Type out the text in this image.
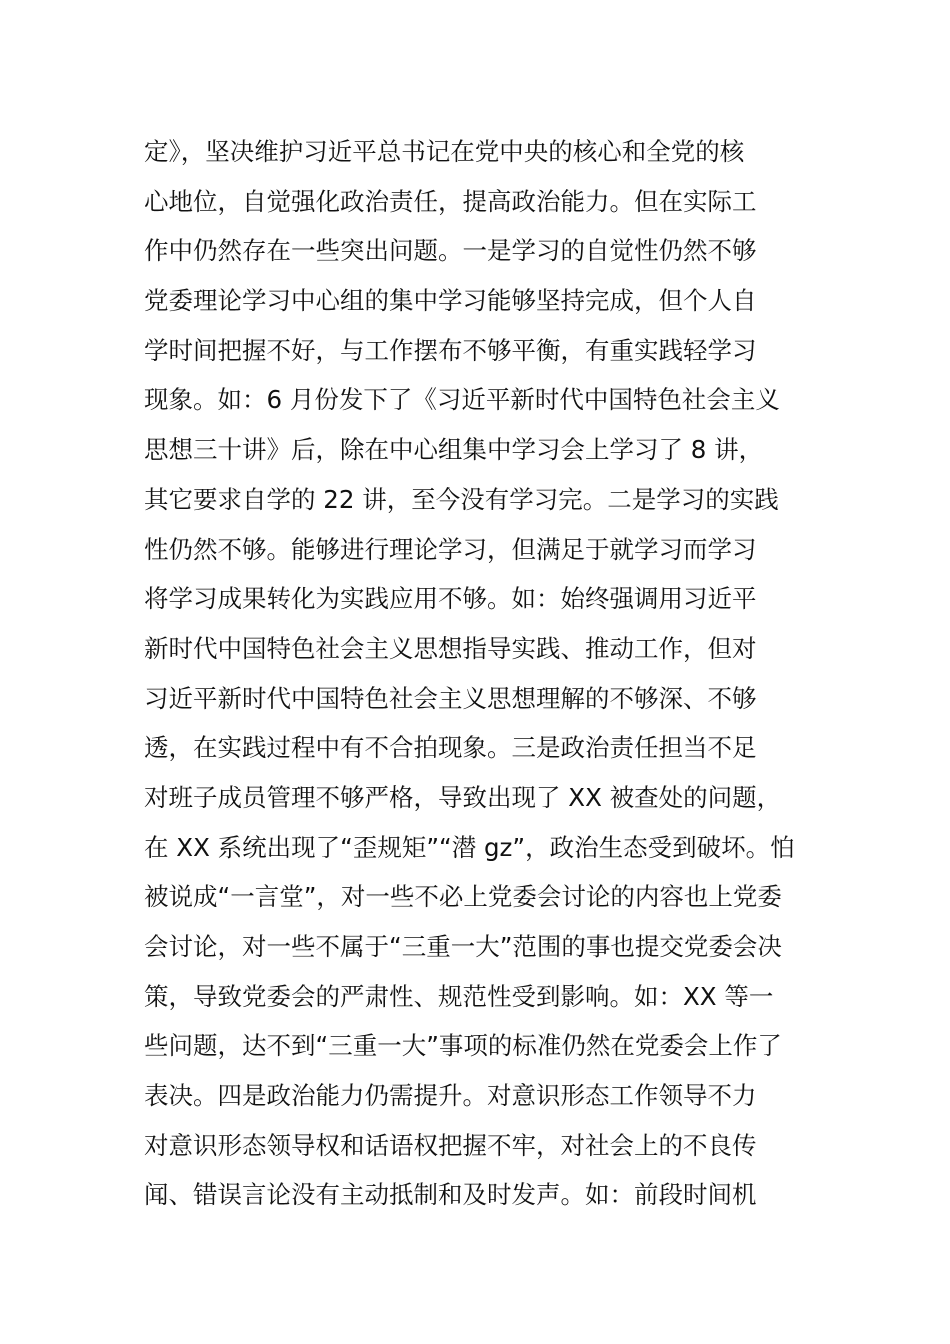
定》，坚决维护习近平总书记在党中央的核心和全党的核
心地位，自觉强化政治责任，提高政治能力。但在实际工
作中仍然存在一些突出问题。一是学习的自觉性仍然不够
党委理论学习中心组的集中学习能够坚持完成，但个人自
学时间把握不好，与工作摆布不够平衡，有重实践轻学习
现象。如：6 月份发下了《习近平新时代中国特色社会主义
思想三十讲》后，除在中心组集中学习会上学习了 8 讲，
其它要求自学的 22 讲，至今没有学习完。二是学习的实践
性仍然不够。能够进行理论学习，但满足于就学习而学习
将学习成果转化为实践应用不够。如：始终强调用习近平
新时代中国特色社会主义思想指导实践、推动工作，但对
习近平新时代中国特色社会主义思想理解的不够深、不够
透，在实践过程中有不合拍现象。三是政治责任担当不足
对班子成员管理不够严格，导致出现了 XX 被查处的问题，
在 XX 系统出现了“歪规矩”“潜 gz”，政治生态受到破坏。怕
被说成“一言堂”，对一些不必上党委会讨论的内容也上党委
会讨论，对一些不属于“三重一大”范围的事也提交党委会决
策，导致党委会的严肃性、规范性受到影响。如：XX 等一
些问题，达不到“三重一大”事项的标准仍然在党委会上作了
表决。四是政治能力仍需提升。对意识形态工作领导不力
对意识形态领导权和话语权把握不牢，对社会上的不良传
闻、错误言论没有主动抵制和及时发声。如：前段时间机
